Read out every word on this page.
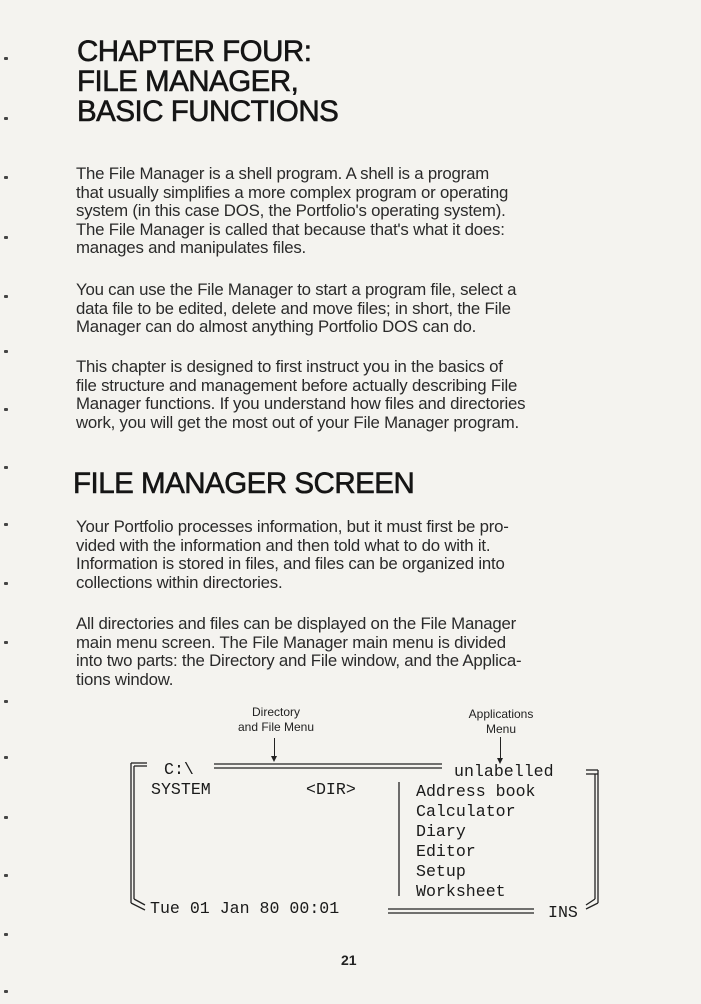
CHAPTER FOUR:
FILE MANAGER,
BASIC FUNCTIONS

The File Manager is a shell program. A shell is a program
that usually simplifies a more complex program or operating
system (in this case DOS, the Portfolio's operating system).
The File Manager is called that because that's what it does:
manages and manipulates files.

You can use the File Manager to start a program file, select a
data file to be edited, delete and move files; in short, the File
Manager can do almost anything Portfolio DOS can do.

This chapter is designed to first instruct you in the basics of
file structure and management before actually describing File
Manager functions. If you understand how files and directories
work, you will get the most out of your File Manager program.

FILE MANAGER SCREEN

Your Portfolio processes information, but it must first be pro-
vided with the information and then told what to do with it.
Information is stored in files, and files can be organized into
collections within directories.

All directories and files can be displayed on the File Manager
main menu screen. The File Manager main menu is divided
into two parts: the Directory and File window, and the Applica-
tions window.

Directory
and File Menu
Applications
Menu
C:\	unlabelled
SYSTEM	<DIR>	Address book
Calculator
Diary
Editor
Setup
Worksheet
Tue 01 Jan 80 00:01	INS
21
